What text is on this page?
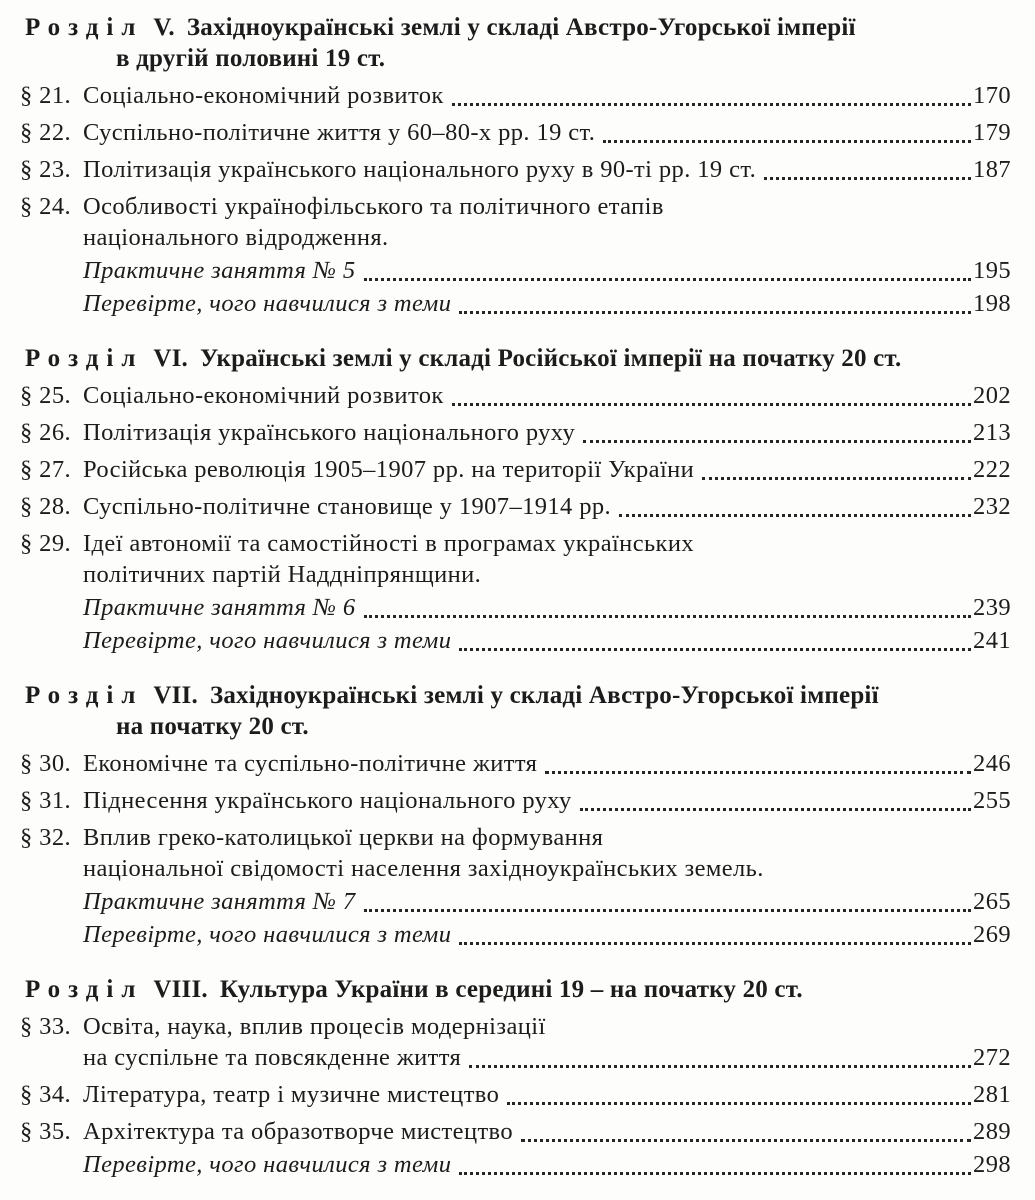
Розділ V. Західноукраїнські землі у складі Австро-Угорської імперії
в другій половині 19 ст.
§ 21. Соціально-економічний розвиток	170
§ 22. Суспільно-політичне життя у 60–80-х рр. 19 ст.	179
§ 23. Політизація українського національного руху в 90-ті рр. 19 ст.	187
§ 24. Особливості українофільського та політичного етапів
національного відродження.
Практичне заняття № 5	195
Перевірте, чого навчилися з теми	198
Розділ VI. Українські землі у складі Російської імперії на початку 20 ст.
§ 25. Соціально-економічний розвиток	202
§ 26. Політизація українського національного руху	213
§ 27. Російська революція 1905–1907 рр. на території України	222
§ 28. Суспільно-політичне становище у 1907–1914 рр.	232
§ 29. Ідеї автономії та самостійності в програмах українських
політичних партій Наддніпрянщини.
Практичне заняття № 6	239
Перевірте, чого навчилися з теми	241
Розділ VII. Західноукраїнські землі у складі Австро-Угорської імперії
на початку 20 ст.
§ 30. Економічне та суспільно-політичне життя	246
§ 31. Піднесення українського національного руху	255
§ 32. Вплив греко-католицької церкви на формування
національної свідомості населення західноукраїнських земель.
Практичне заняття № 7	265
Перевірте, чого навчилися з теми	269
Розділ VIII. Культура України в середині 19 – на початку 20 ст.
§ 33. Освіта, наука, вплив процесів модернізації
на суспільне та повсякденне життя	272
§ 34. Література, театр і музичне мистецтво	281
§ 35. Архітектура та образотворче мистецтво	289
Перевірте, чого навчилися з теми	298
